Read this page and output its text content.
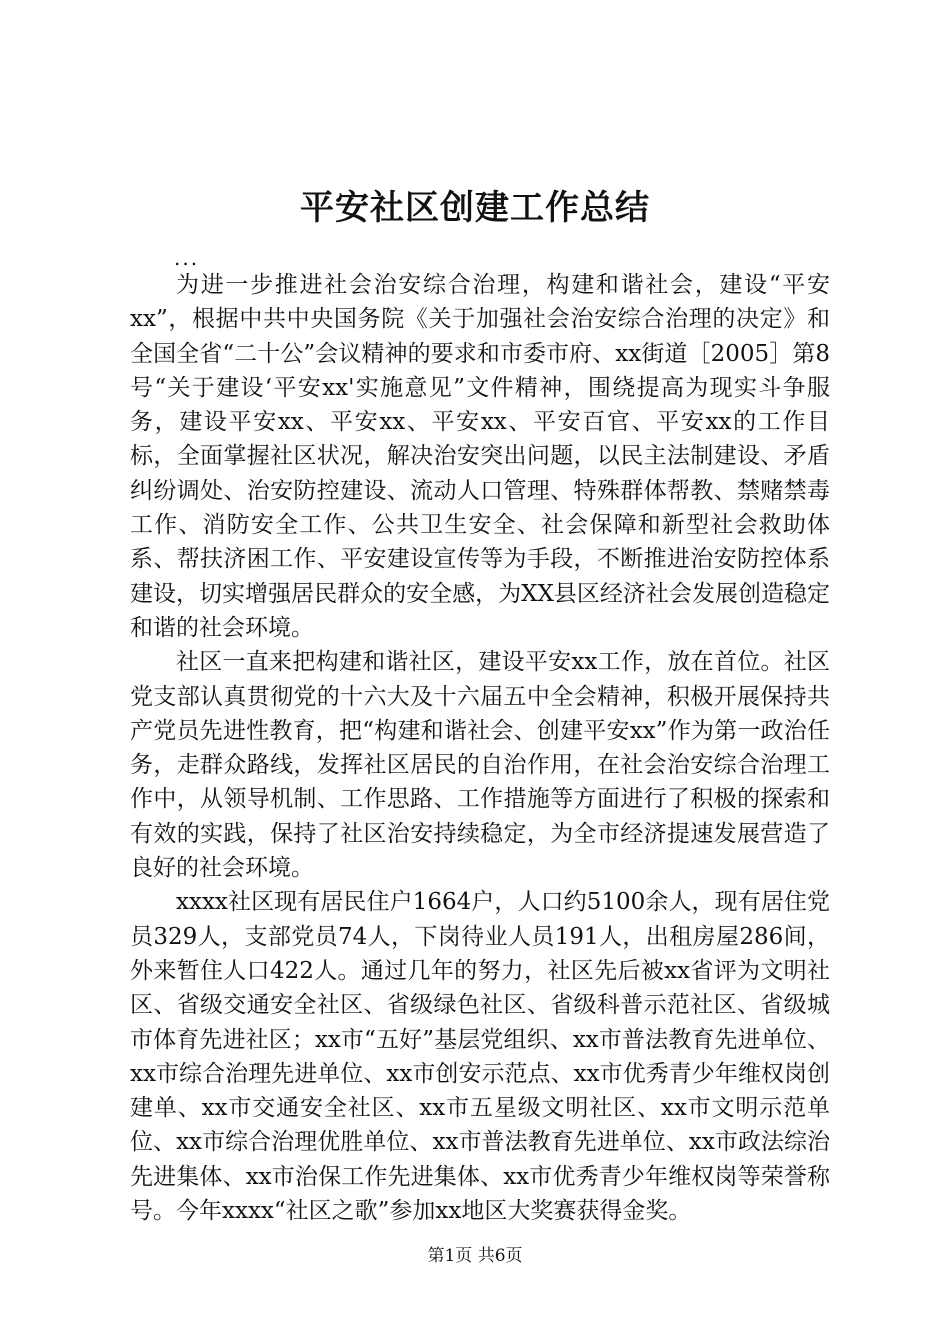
平安社区创建工作总结
...

为进一步推进社会治安综合治理，构建和谐社会，建设“平安xx”，根据中共中央国务院《关于加强社会治安综合治理的决定》和全国全省“二十公”会议精神的要求和市委市府、xx街道［2005］第8号“关于建设‘平安xx'实施意见”文件精神，围绕提高为现实斗争服务，建设平安xx、平安xx、平安xx、平安百官、平安xx的工作目标，全面掌握社区状况，解决治安突出问题，以民主法制建设、矛盾纠纷调处、治安防控建设、流动人口管理、特殊群体帮教、禁赌禁毒工作、消防安全工作、公共卫生安全、社会保障和新型社会救助体系、帮扶济困工作、平安建设宣传等为手段，不断推进治安防控体系建设，切实增强居民群众的安全感，为XX县区经济社会发展创造稳定和谐的社会环境。

社区一直来把构建和谐社区，建设平安xx工作，放在首位。社区党支部认真贯彻党的十六大及十六届五中全会精神，积极开展保持共产党员先进性教育，把“构建和谐社会、创建平安xx”作为第一政治任务，走群众路线，发挥社区居民的自治作用，在社会治安综合治理工作中，从领导机制、工作思路、工作措施等方面进行了积极的探索和有效的实践，保持了社区治安持续稳定，为全市经济提速发展营造了良好的社会环境。

xxxx社区现有居民住户1664户，人口约5100余人，现有居住党员329人，支部党员74人，下岗待业人员191人，出租房屋286间，外来暂住人口422人。通过几年的努力，社区先后被xx省评为文明社区、省级交通安全社区、省级绿色社区、省级科普示范社区、省级城市体育先进社区；xx市“五好”基层党组织、xx市普法教育先进单位、xx市综合治理先进单位、xx市创安示范点、xx市优秀青少年维权岗创建单、xx市交通安全社区、xx市五星级文明社区、xx市文明示范单位、xx市综合治理优胜单位、xx市普法教育先进单位、xx市政法综治先进集体、xx市治保工作先进集体、xx市优秀青少年维权岗等荣誉称号。今年xxxx“社区之歌”参加xx地区大奖赛获得金奖。

第1页 共6页
